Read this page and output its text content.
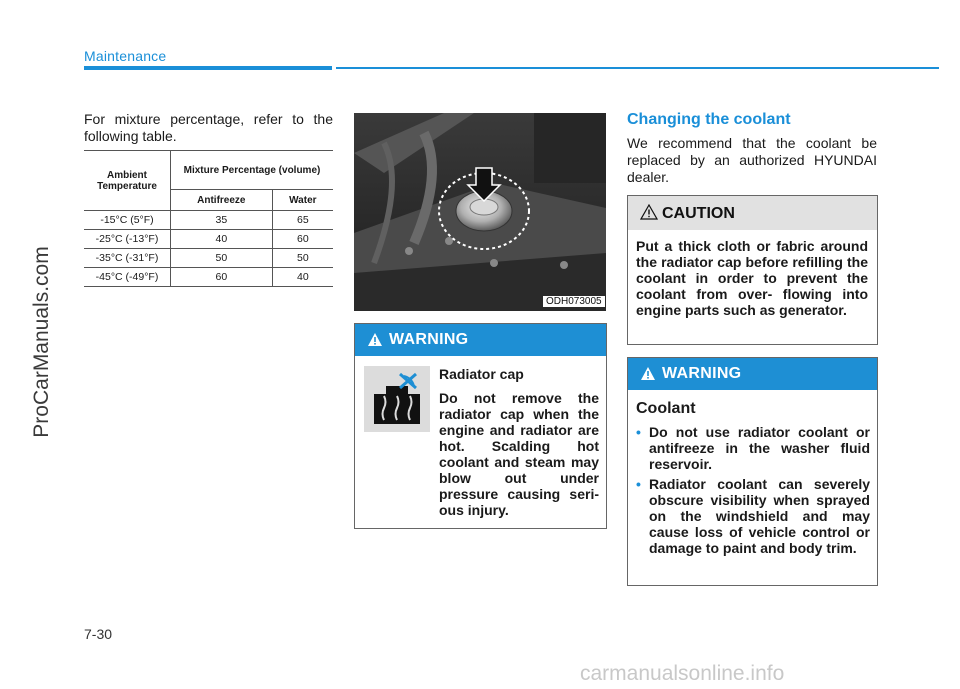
Maintenance
ProCarManuals.com
For mixture percentage, refer to the following table.
Ambient Temperature	Mixture Percentage (volume)	
	Antifreeze	Water
-15°C (5°F)	35	65
-25°C (-13°F)	40	60
-35°C (-31°F)	50	50
-45°C (-49°F)	60	40
ODH073005
WARNING
Radiator cap
Do not remove the radiator cap when the engine and radiator are hot. Scalding hot coolant and steam may blow out under pressure causing seri- ous injury.
Changing the coolant
We recommend that the coolant be replaced by an authorized HYUNDAI dealer.
CAUTION
Put a thick cloth or fabric around the radiator cap before refilling the coolant in order to prevent the coolant from over- flowing into engine parts such as generator.
WARNING
Coolant
• Do not use radiator coolant or antifreeze in the washer fluid reservoir.
• Radiator coolant can severely obscure visibility when sprayed on the windshield and may cause loss of vehicle control or damage to paint and body trim.
7-30
carmanualsonline.info
